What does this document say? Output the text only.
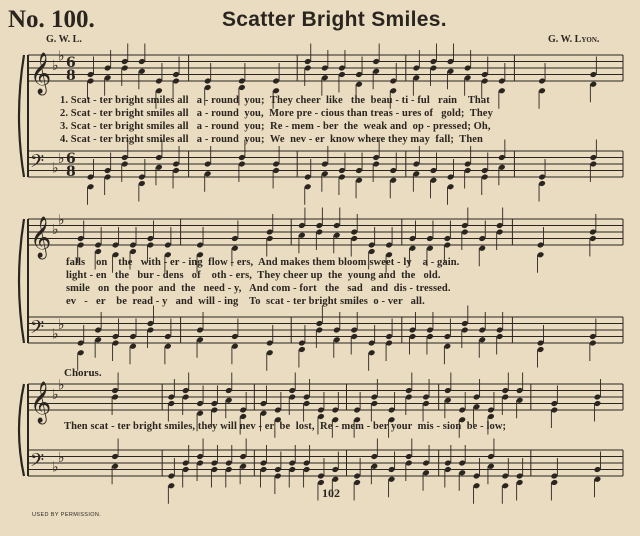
𝄞 ♭
♭ 6
8
𝄢 ♭
♭ 6
8
𝄞 ♭
♭
𝄢 ♭
♭
𝄞 ♭
♭
𝄢 ♭
♭
No. 100.	Scatter Bright Smiles.
G. W. L.	G. W. Lyon.
1. Scat - ter bright smiles all   a - round  you;  They cheer  like   the  beau - ti - ful   rain    That
2. Scat - ter bright smiles all   a - round  you,  More pre - cious than treas - ures of   gold;  They
3. Scat - ter bright smiles all   a - round  you;  Re - mem - ber  the  weak and  op - pressed; Oh,
4. Scat - ter bright smiles all   a - round  you;  We  nev - er  know where they may  fall;  Then
falls    on    the   with - er - ing  flow - ers,  And makes them bloom sweet - ly    a - gain.
light - en   the   bur - dens   of    oth - ers,  They cheer up  the  young and  the   old.
smile   on  the poor  and  the   need - y,   And com - fort   the   sad   and  dis - tressed.
ev   -   er    be  read - y   and  will - ing    To  scat - ter bright smiles  o - ver   all.
Chorus.
Then scat - ter bright smiles, they will nev - er  be  lost,  Re - mem - ber your  mis - sion  be - low;
102
USED BY PERMISSION.
